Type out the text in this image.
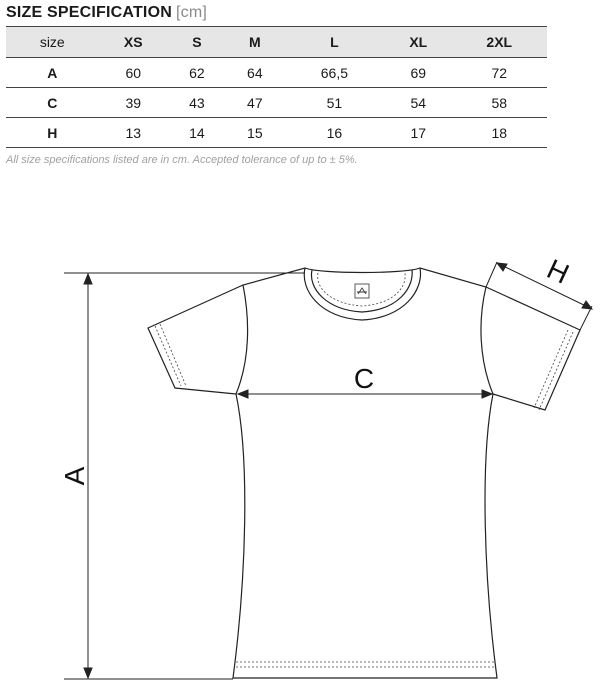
SIZE SPECIFICATION [cm]
size	XS	S	M	L	XL	2XL
A	60	62	64	66,5	69	72
C	39	43	47	51	54	58
H	13	14	15	16	17	18
All size specifications listed are in cm. Accepted tolerance of up to ± 5%.
A
C
H
